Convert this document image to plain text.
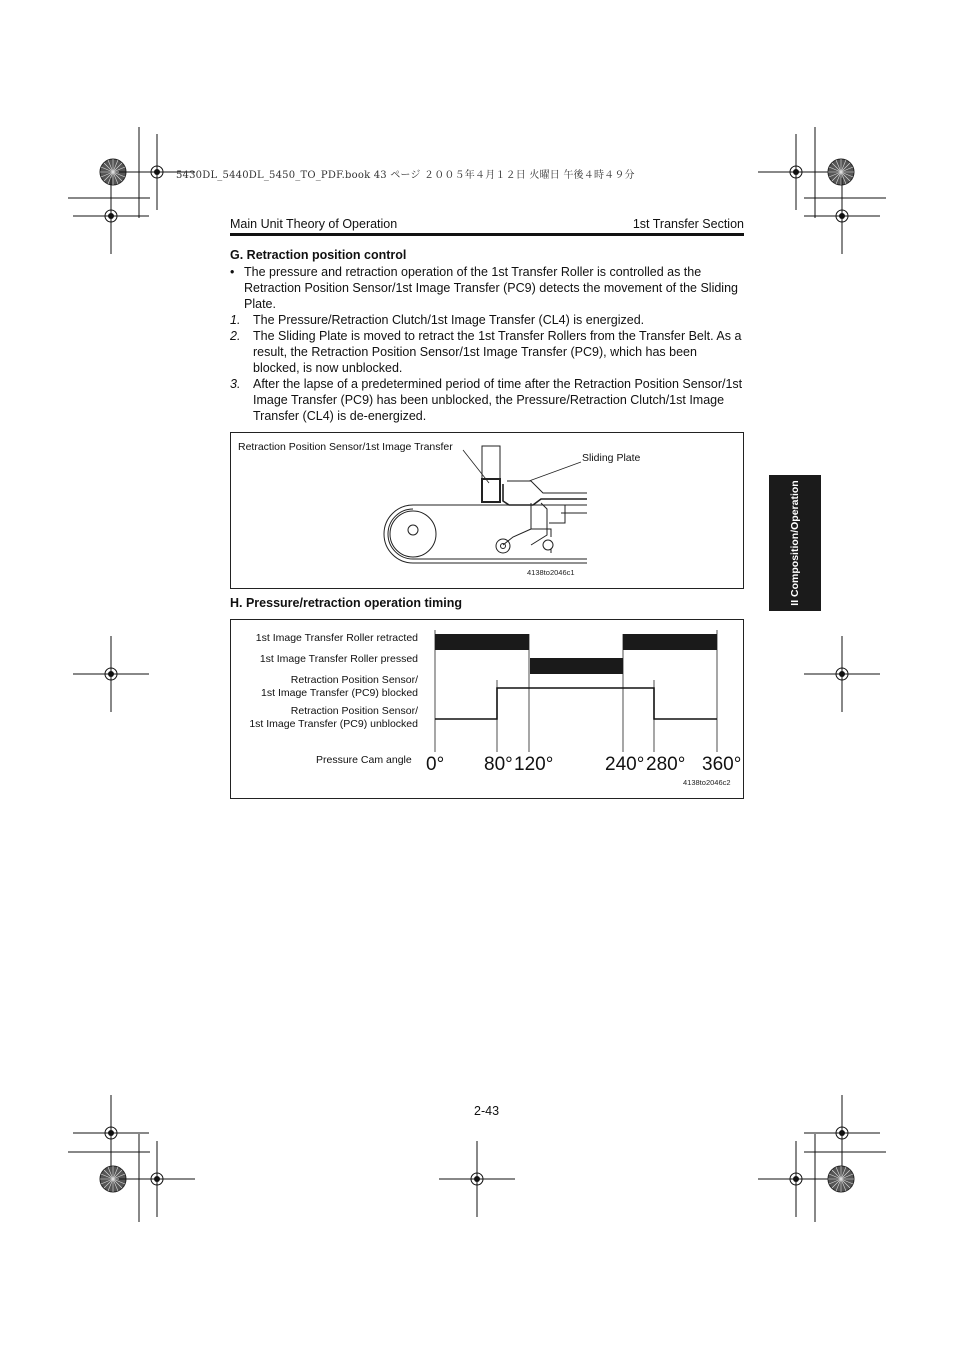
5430DL_5440DL_5450_TO_PDF.book 43 ページ ２００５年４月１２日 火曜日 午後４時４９分
Main Unit Theory of Operation	1st Transfer Section
II Composition/Operation
G. Retraction position control

• The pressure and retraction operation of the 1st Transfer Roller is controlled as the Retraction Position Sensor/1st Image Transfer (PC9) detects the movement of the Sliding Plate.

1. The Pressure/Retraction Clutch/1st Image Transfer (CL4) is energized.

2. The Sliding Plate is moved to retract the 1st Transfer Rollers from the Transfer Belt. As a result, the Retraction Position Sensor/1st Image Transfer (PC9), which has been blocked, is now unblocked.

3. After the lapse of a predetermined period of time after the Retraction Position Sensor/1st Image Transfer (PC9) has been unblocked, the Pressure/Retraction Clutch/1st Image Transfer (CL4) is de-energized.

Retraction Position Sensor/1st Image Transfer
Sliding Plate
4138to2046c1
H. Pressure/retraction operation timing
1st Image Transfer Roller retracted
1st Image Transfer Roller pressed
Retraction Position Sensor/
1st Image Transfer (PC9) blocked
Retraction Position Sensor/
1st Image Transfer (PC9) unblocked
Pressure Cam angle 0° 80° 120°	240° 280° 360°
4138to2046c2
2-43
